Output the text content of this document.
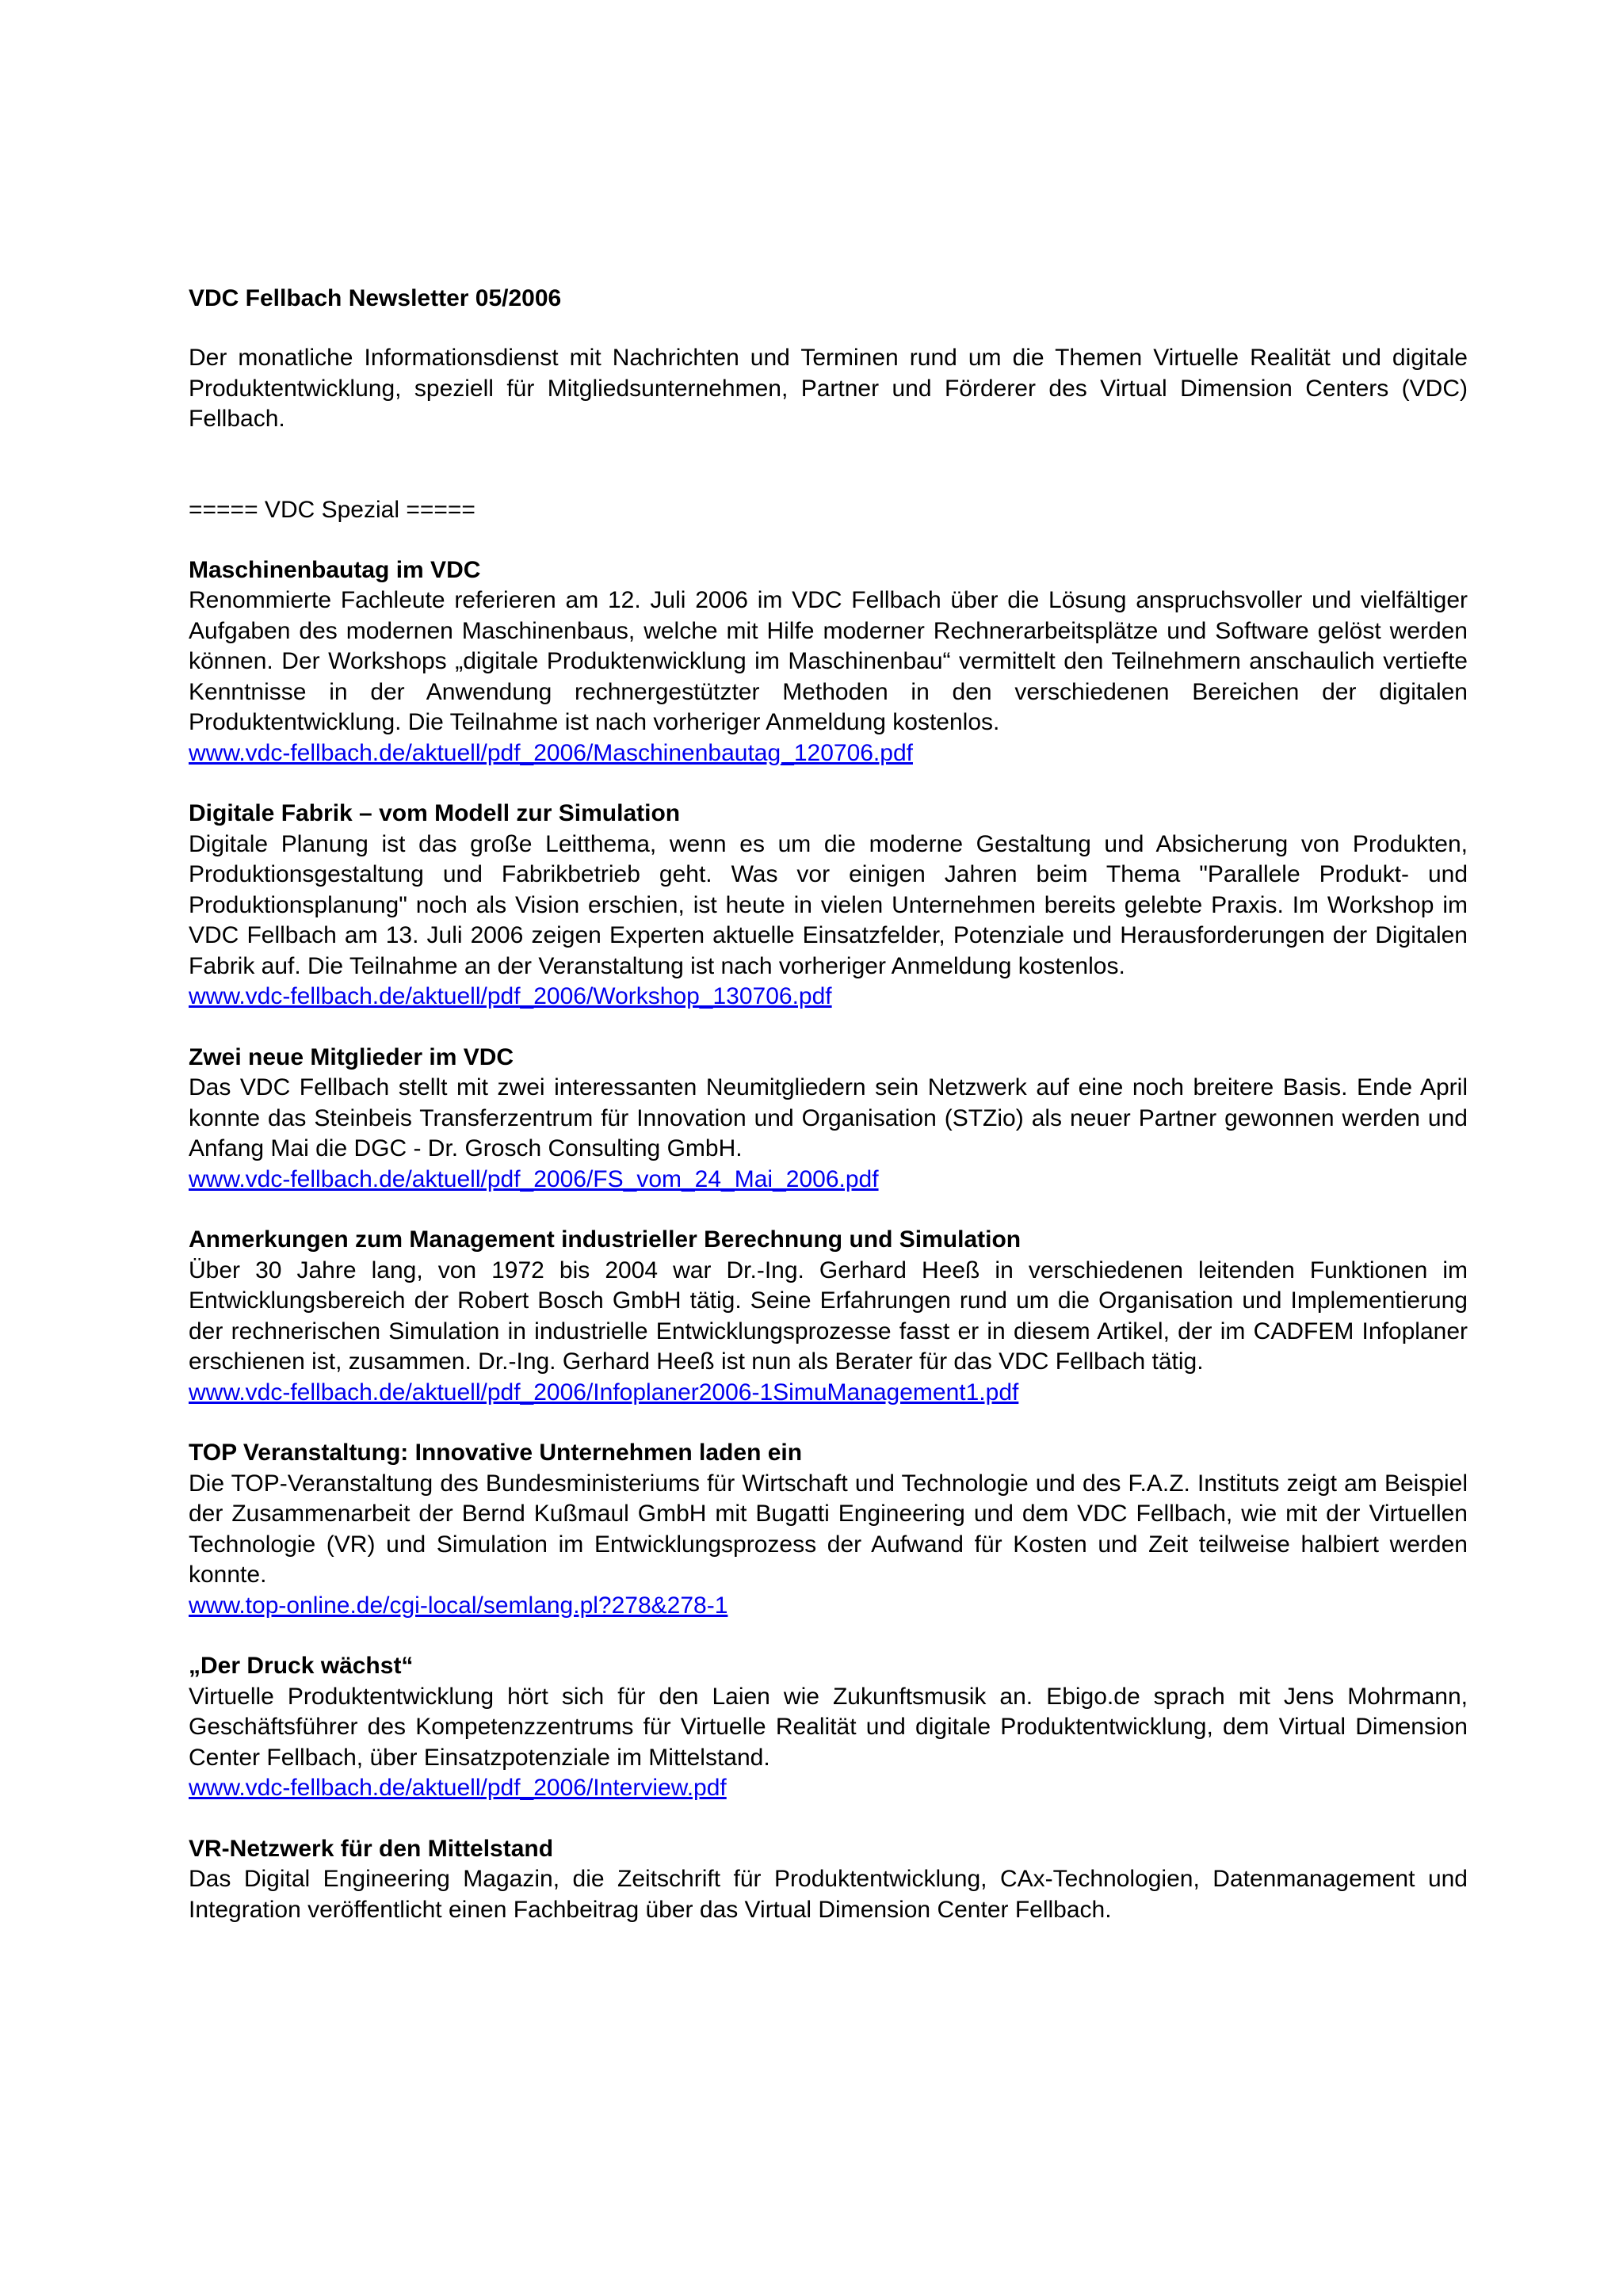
VDC Fellbach Newsletter 05/2006
Der monatliche Informationsdienst mit Nachrichten und Terminen rund um die Themen Virtuelle Realität und digitale Produktentwicklung, speziell für Mitgliedsunternehmen, Partner und Förderer des Virtual Dimension Centers (VDC) Fellbach.
===== VDC Spezial =====
Maschinenbautag im VDC

Renommierte Fachleute referieren am 12. Juli 2006 im VDC Fellbach über die Lösung anspruchsvoller und vielfältiger Aufgaben des modernen Maschinenbaus, welche mit Hilfe moderner Rechnerarbeitsplätze und Software gelöst werden können. Der Workshops „digitale Produktenwicklung im Maschinenbau“ vermittelt den Teilnehmern anschaulich vertiefte Kenntnisse in der Anwendung rechnergestützter Methoden in den verschiedenen Bereichen der digitalen Produktentwicklung. Die Teilnahme ist nach vorheriger Anmeldung kostenlos.

www.vdc-fellbach.de/aktuell/pdf_2006/Maschinenbautag_120706.pdf
Digitale Fabrik – vom Modell zur Simulation

Digitale Planung ist das große Leitthema, wenn es um die moderne Gestaltung und Absicherung von Produkten, Produktionsgestaltung und Fabrikbetrieb geht. Was vor einigen Jahren beim Thema "Parallele Produkt- und Produktionsplanung" noch als Vision erschien, ist heute in vielen Unternehmen bereits gelebte Praxis. Im Workshop im VDC Fellbach am 13. Juli 2006 zeigen Experten aktuelle Einsatzfelder, Potenziale und Herausforderungen der Digitalen Fabrik auf. Die Teilnahme an der Veranstaltung ist nach vorheriger Anmeldung kostenlos.

www.vdc-fellbach.de/aktuell/pdf_2006/Workshop_130706.pdf
Zwei neue Mitglieder im VDC

Das VDC Fellbach stellt mit zwei interessanten Neumitgliedern sein Netzwerk auf eine noch breitere Basis. Ende April konnte das Steinbeis Transferzentrum für Innovation und Organisation (STZio) als neuer Partner gewonnen werden und Anfang Mai die DGC - Dr. Grosch Consulting GmbH.

www.vdc-fellbach.de/aktuell/pdf_2006/FS_vom_24_Mai_2006.pdf
Anmerkungen zum Management industrieller Berechnung und Simulation

Über 30 Jahre lang, von 1972 bis 2004 war Dr.-Ing. Gerhard Heeß in verschiedenen leitenden Funktionen im Entwicklungsbereich der Robert Bosch GmbH tätig. Seine Erfahrungen rund um die Organisation und Implementierung der rechnerischen Simulation in industrielle Entwicklungsprozesse fasst er in diesem Artikel, der im CADFEM Infoplaner erschienen ist, zusammen. Dr.-Ing. Gerhard Heeß ist nun als Berater für das VDC Fellbach tätig.

www.vdc-fellbach.de/aktuell/pdf_2006/Infoplaner2006-1SimuManagement1.pdf
TOP Veranstaltung: Innovative Unternehmen laden ein

Die TOP-Veranstaltung des Bundesministeriums für Wirtschaft und Technologie und des F.A.Z. Instituts zeigt am Beispiel der Zusammenarbeit der Bernd Kußmaul GmbH mit Bugatti Engineering und dem VDC Fellbach, wie mit der Virtuellen Technologie (VR) und Simulation im Entwicklungsprozess der Aufwand für Kosten und Zeit teilweise halbiert werden konnte.

www.top-online.de/cgi-local/semlang.pl?278&278-1
„Der Druck wächst“

Virtuelle Produktentwicklung hört sich für den Laien wie Zukunftsmusik an. Ebigo.de sprach mit Jens Mohrmann, Geschäftsführer des Kompetenzzentrums für Virtuelle Realität und digitale Produktentwicklung, dem Virtual Dimension Center Fellbach, über Einsatzpotenziale im Mittelstand.

www.vdc-fellbach.de/aktuell/pdf_2006/Interview.pdf
VR-Netzwerk für den Mittelstand

Das Digital Engineering Magazin, die Zeitschrift für Produktentwicklung, CAx-Technologien, Datenmanagement und Integration veröffentlicht einen Fachbeitrag über das Virtual Dimension Center Fellbach.
